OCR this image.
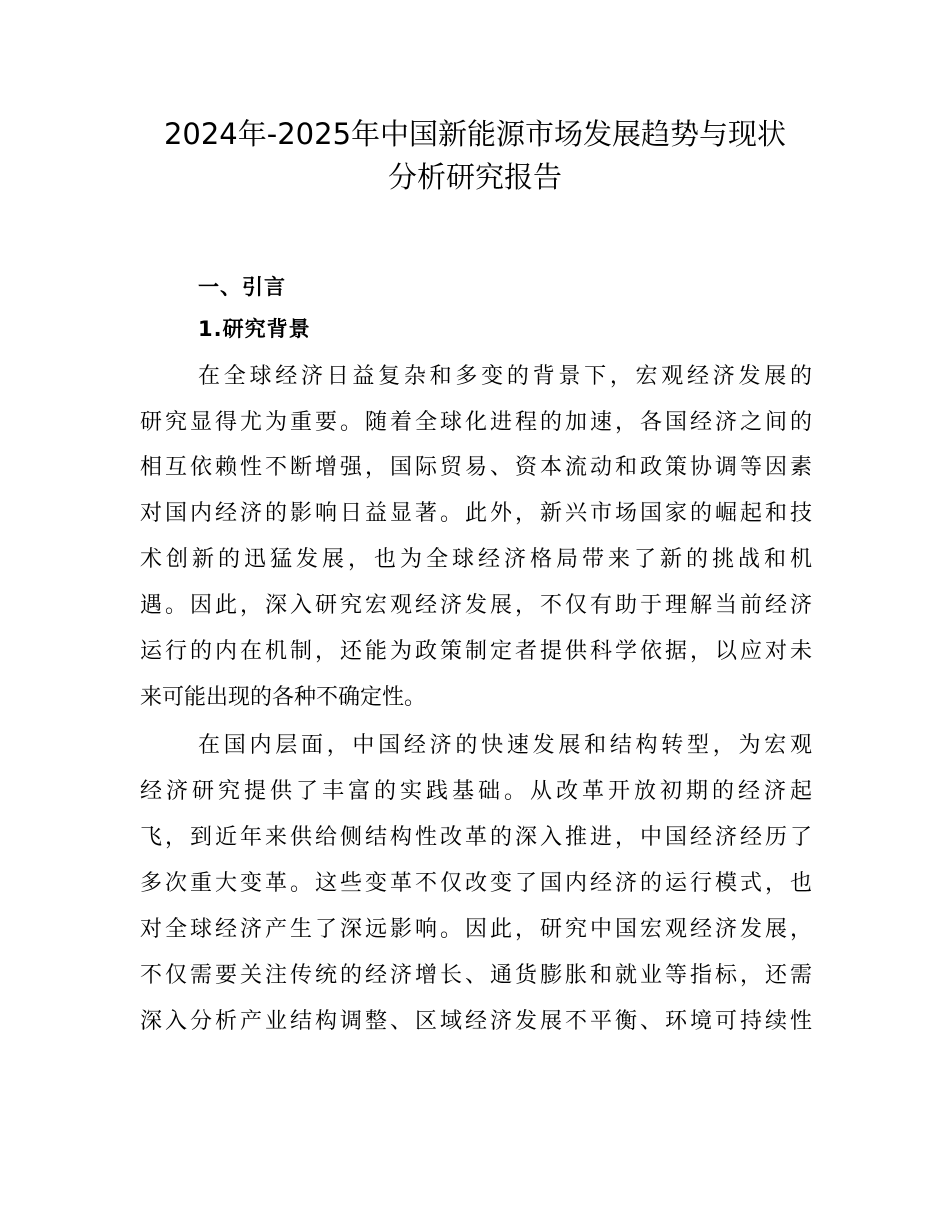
2024年-2025年中国新能源市场发展趋势与现状
分析研究报告
一、引言
1.研究背景
在全球经济日益复杂和多变的背景下，宏观经济发展的
研究显得尤为重要。随着全球化进程的加速，各国经济之间的
相互依赖性不断增强，国际贸易、资本流动和政策协调等因素
对国内经济的影响日益显著。此外，新兴市场国家的崛起和技
术创新的迅猛发展，也为全球经济格局带来了新的挑战和机
遇。因此，深入研究宏观经济发展，不仅有助于理解当前经济
运行的内在机制，还能为政策制定者提供科学依据，以应对未
来可能出现的各种不确定性。
在国内层面，中国经济的快速发展和结构转型，为宏观
经济研究提供了丰富的实践基础。从改革开放初期的经济起
飞，到近年来供给侧结构性改革的深入推进，中国经济经历了
多次重大变革。这些变革不仅改变了国内经济的运行模式，也
对全球经济产生了深远影响。因此，研究中国宏观经济发展，
不仅需要关注传统的经济增长、通货膨胀和就业等指标，还需
深入分析产业结构调整、区域经济发展不平衡、环境可持续性
